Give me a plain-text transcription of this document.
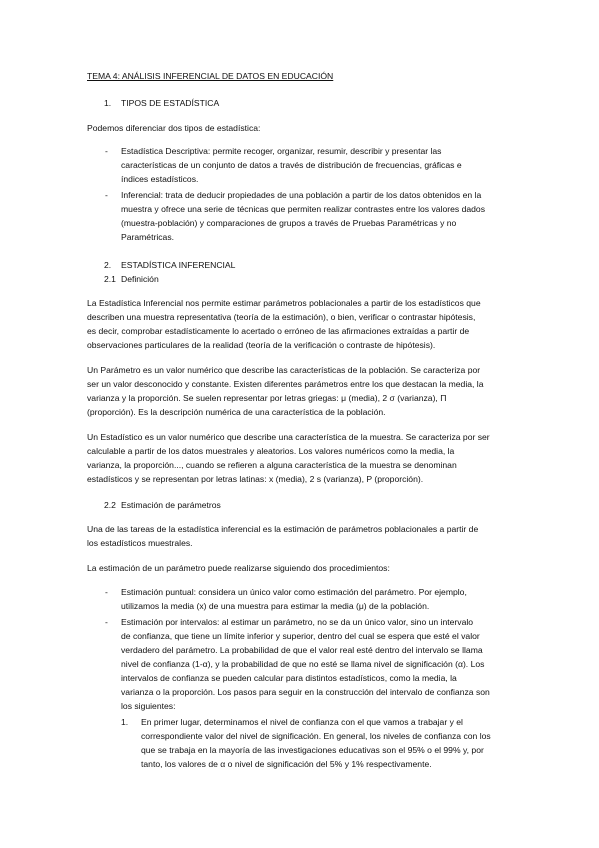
TEMA 4: ANÁLISIS INFERENCIAL DE DATOS EN EDUCACIÓN
1. TIPOS DE ESTADÍSTICA
Podemos diferenciar dos tipos de estadística:
- Estadística Descriptiva: permite recoger, organizar, resumir, describir y presentar las
características de un conjunto de datos a través de distribución de frecuencias, gráficas e
índices estadísticos.
- Inferencial: trata de deducir propiedades de una población a partir de los datos obtenidos en la
muestra y ofrece una serie de técnicas que permiten realizar contrastes entre los valores dados
(muestra-población) y comparaciones de grupos a través de Pruebas Paramétricas y no
Paramétricas.
2. ESTADÍSTICA INFERENCIAL
2.1 Definición
La Estadística Inferencial nos permite estimar parámetros poblacionales a partir de los estadísticos que
describen una muestra representativa (teoría de la estimación), o bien, verificar o contrastar hipótesis,
es decir, comprobar estadísticamente lo acertado o erróneo de las afirmaciones extraídas a partir de
observaciones particulares de la realidad (teoría de la verificación o contraste de hipótesis).
Un Parámetro es un valor numérico que describe las características de la población. Se caracteriza por
ser un valor desconocido y constante. Existen diferentes parámetros entre los que destacan la media, la
varianza y la proporción. Se suelen representar por letras griegas: μ (media), 2 σ (varianza), Π
(proporción). Es la descripción numérica de una característica de la población.
Un Estadístico es un valor numérico que describe una característica de la muestra. Se caracteriza por ser
calculable a partir de los datos muestrales y aleatorios. Los valores numéricos como la media, la
varianza, la proporción..., cuando se refieren a alguna característica de la muestra se denominan
estadísticos y se representan por letras latinas: x (media), 2 s (varianza), P (proporción).
2.2 Estimación de parámetros
Una de las tareas de la estadística inferencial es la estimación de parámetros poblacionales a partir de
los estadísticos muestrales.
La estimación de un parámetro puede realizarse siguiendo dos procedimientos:
- Estimación puntual: considera un único valor como estimación del parámetro. Por ejemplo,
utilizamos la media (x) de una muestra para estimar la media (μ) de la población.
- Estimación por intervalos: al estimar un parámetro, no se da un único valor, sino un intervalo
de confianza, que tiene un límite inferior y superior, dentro del cual se espera que esté el valor
verdadero del parámetro. La probabilidad de que el valor real esté dentro del intervalo se llama
nivel de confianza (1-α), y la probabilidad de que no esté se llama nivel de significación (α). Los
intervalos de confianza se pueden calcular para distintos estadísticos, como la media, la
varianza o la proporción. Los pasos para seguir en la construcción del intervalo de confianza son
los siguientes:
1. En primer lugar, determinamos el nivel de confianza con el que vamos a trabajar y el
correspondiente valor del nivel de significación. En general, los niveles de confianza con los
que se trabaja en la mayoría de las investigaciones educativas son el 95% o el 99% y, por
tanto, los valores de α o nivel de significación del 5% y 1% respectivamente.
